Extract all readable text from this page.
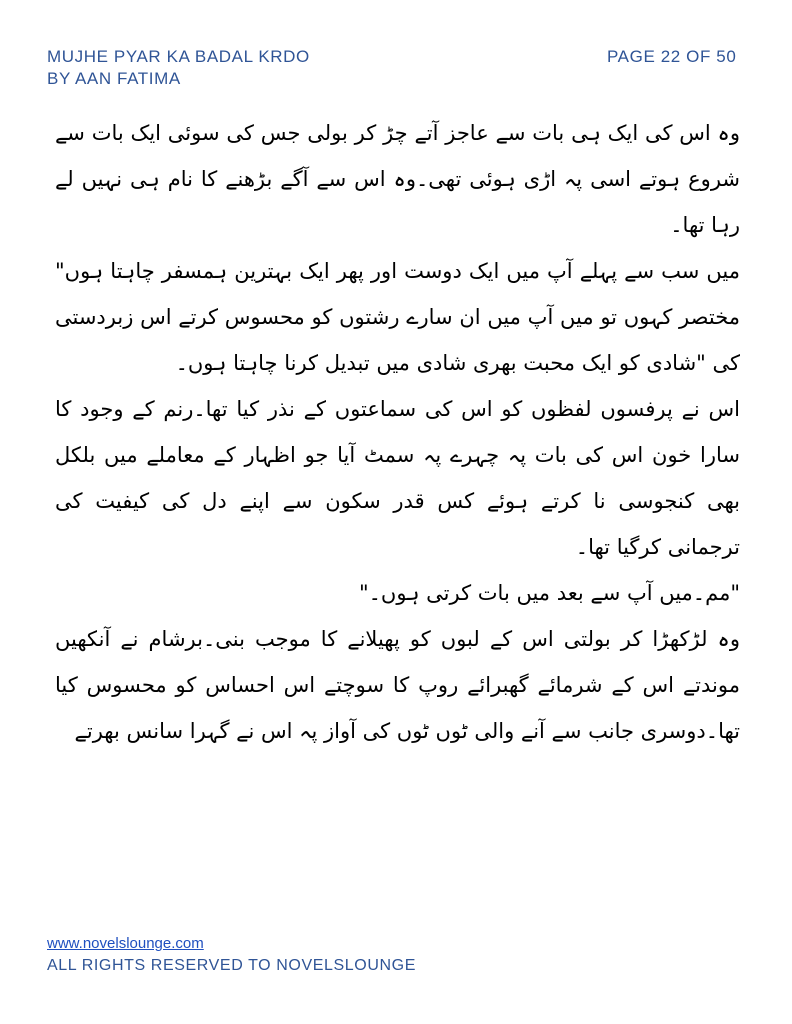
MUJHE PYAR KA BADAL KRDO
BY AAN FATIMA
PAGE 22 OF 50

وہ اس کی ایک ہی بات سے عاجز آتے چڑ کر بولی جس کی سوئی ایک بات سے شروع ہوتے اسی پہ اڑی ہوئی تھی۔وہ اس سے آگے بڑھنے کا نام ہی نہیں لے رہا تھا۔

میں سب سے پہلے آپ میں ایک دوست اور پھر ایک بہترین ہمسفر چاہتا ہوں" مختصر کہوں تو میں آپ میں ان سارے رشتوں کو محسوس کرتے اس زبردستی کی "شادی کو ایک محبت بھری شادی میں تبدیل کرنا چاہتا ہوں۔

اس نے پرفسوں لفظوں کو اس کی سماعتوں کے نذر کیا تھا۔رنم کے وجود کا سارا خون اس کی بات پہ چہرے پہ سمٹ آیا جو اظہار کے معاملے میں بلکل بھی کنجوسی نا کرتے ہوئے کس قدر سکون سے اپنے دل کی کیفیت کی ترجمانی کرگیا تھا۔

"مم۔میں آپ سے بعد میں بات کرتی ہوں۔"

وہ لڑکھڑا کر بولتی اس کے لبوں کو پھیلانے کا موجب بنی۔برشام نے آنکھیں موندتے اس کے شرمائے گھبرائے روپ کا سوچتے اس احساس کو محسوس کیا تھا۔دوسری جانب سے آنے والی ٹوں ٹوں کی آواز پہ اس نے گہرا سانس بھرتے

www.novelslounge.com
ALL RIGHTS RESERVED TO NOVELSLOUNGE
